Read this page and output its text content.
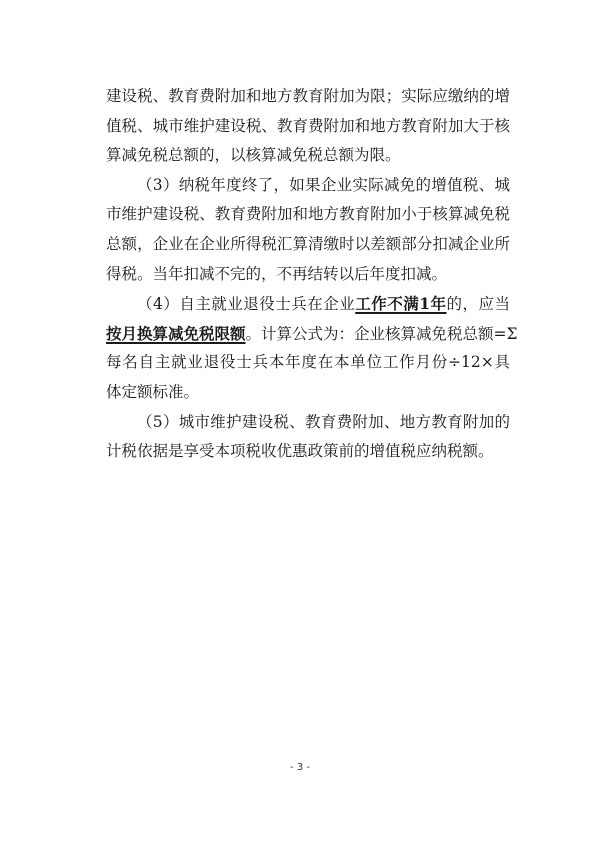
建设税、教育费附加和地方教育附加为限；实际应缴纳的增
值税、城市维护建设税、教育费附加和地方教育附加大于核
算减免税总额的，以核算减免税总额为限。
（3）纳税年度终了，如果企业实际减免的增值税、城
市维护建设税、教育费附加和地方教育附加小于核算减免税
总额，企业在企业所得税汇算清缴时以差额部分扣减企业所
得税。当年扣减不完的，不再结转以后年度扣减。
（4）自主就业退役士兵在企业工作不满1年的，应当
按月换算减免税限额。计算公式为：企业核算减免税总额=Σ
每名自主就业退役士兵本年度在本单位工作月份÷12×具
体定额标准。
（5）城市维护建设税、教育费附加、地方教育附加的
计税依据是享受本项税收优惠政策前的增值税应纳税额。
- 3 -
